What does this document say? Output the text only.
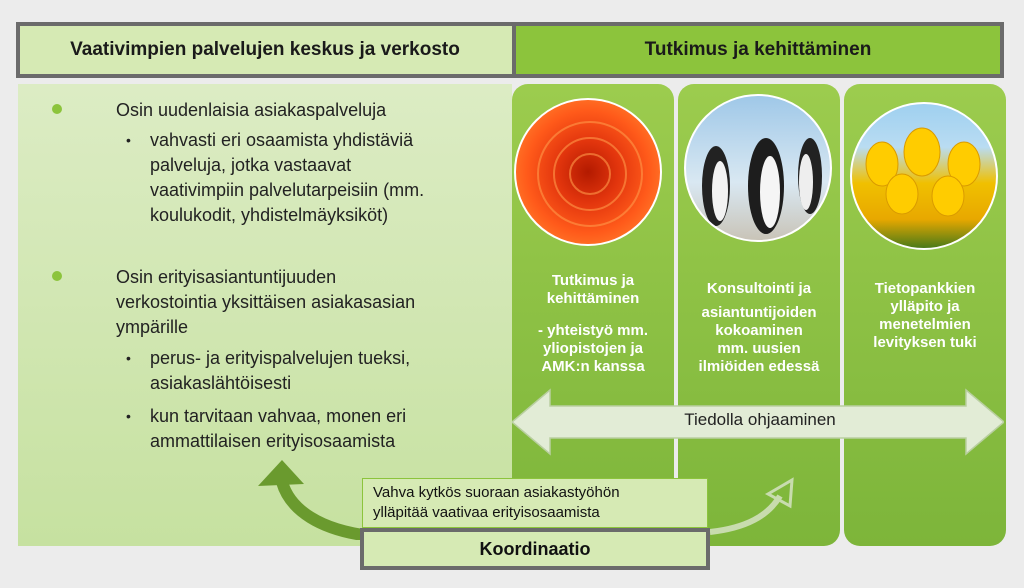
Vaativimpien palvelujen keskus ja verkosto	Tutkimus ja kehittäminen
Osin uudenlaisia asiakaspalveluja
• vahvasti eri osaamista yhdistäviä
palveluja, jotka vastaavat
vaativimpiin palvelutarpeisiin (mm.
koulukodit, yhdistelmäyksiköt)
Osin erityisasiantuntijuuden
verkostointia yksittäisen asiakasasian
ympärille
• perus- ja erityispalvelujen tueksi,
asiakaslähtöisesti
• kun tarvitaan vahvaa, monen eri
ammattilaisen erityisosaamista
Tutkimus ja
kehittäminen
- yhteistyö mm.
yliopistojen ja
AMK:n kanssa
Konsultointi ja
asiantuntijoiden
kokoaminen
mm. uusien
ilmiöiden edessä
Tietopankkien
ylläpito ja
menetelmien
levityksen tuki
Tiedolla ohjaaminen
Vahva kytkös suoraan asiakastyöhön
ylläpitää vaativaa erityisosaamista
Koordinaatio
